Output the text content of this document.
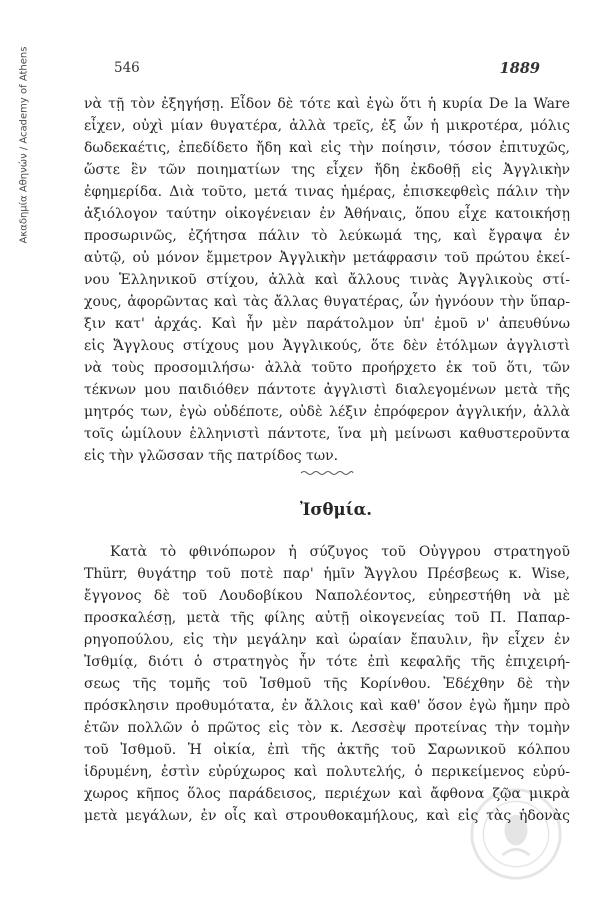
Ακαδημία Αθηνών / Academy of Athens	546	1889
νὰ τῇ τὸν ἐξηγήσῃ. Εἶδον δὲ τότε καὶ ἐγὼ ὅτι ἡ κυρία De la Ware
εἶχεν, οὐχὶ μίαν θυγατέρα, ἀλλὰ τρεῖς, ἐξ ὧν ἡ μικροτέρα, μόλις
δωδεκαέτις, ἐπεδίδετο ἤδη καὶ εἰς τὴν ποίησιν, τόσον ἐπιτυχῶς,
ὥστε ἓν τῶν ποιηματίων της εἶχεν ἤδη ἐκδοθῇ εἰς Ἀγγλικὴν
ἐφημερίδα. Διὰ τοῦτο, μετά τινας ἡμέρας, ἐπισκεφθεὶς πάλιν τὴν
ἀξιόλογον ταύτην οἰκογένειαν ἐν Ἀθήναις, ὅπου εἶχε κατοικήσῃ
προσωρινῶς, ἐζήτησα πάλιν τὸ λεύκωμά της, καὶ ἔγραψα ἐν
αὐτῷ, οὐ μόνον ἔμμετρον Ἀγγλικὴν μετάφρασιν τοῦ πρώτου ἐκεί-
νου Ἑλληνικοῦ στίχου, ἀλλὰ καὶ ἄλλους τινὰς Ἀγγλικοὺς στί-
χους, ἀφορῶντας καὶ τὰς ἄλλας θυγατέρας, ὧν ἠγνόουν τὴν ὕπαρ-
ξιν κατ' ἀρχάς. Καὶ ἦν μὲν παράτολμον ὑπ' ἐμοῦ ν' ἀπευθύνω
εἰς Ἄγγλους στίχους μου Ἀγγλικούς, ὅτε δὲν ἐτόλμων ἀγγλιστὶ
νὰ τοὺς προσομιλήσω· ἀλλὰ τοῦτο προήρχετο ἐκ τοῦ ὅτι, τῶν
τέκνων μου παιδιόθεν πάντοτε ἀγγλιστὶ διαλεγομένων μετὰ τῆς
μητρός των, ἐγὼ οὐδέποτε, οὐδὲ λέξιν ἐπρόφερον ἀγγλικήν, ἀλλὰ
τοῖς ὡμίλουν ἑλληνιστὶ πάντοτε, ἵνα μὴ μείνωσι καθυστεροῦντα
εἰς τὴν γλῶσσαν τῆς πατρίδος των.
Ἰσθμία.
Κατὰ τὸ φθινόπωρον ἡ σύζυγος τοῦ Οὐγγρου στρατηγοῦ
Thürr, θυγάτηρ τοῦ ποτὲ παρ' ἡμῖν Ἄγγλου Πρέσβεως κ. Wise,
ἔγγονος δὲ τοῦ Λουδοβίκου Ναπολέοντος, εὐηρεστήθη νὰ μὲ
προσκαλέσῃ, μετὰ τῆς φίλης αὐτῇ οἰκογενείας τοῦ Π. Παπαρ-
ρηγοπούλου, εἰς τὴν μεγάλην καὶ ὡραίαν ἔπαυλιν, ἣν εἶχεν ἐν
Ἰσθμίᾳ, διότι ὁ στρατηγὸς ἦν τότε ἐπὶ κεφαλῆς τῆς ἐπιχειρή-
σεως τῆς τομῆς τοῦ Ἰσθμοῦ τῆς Κορίνθου. Ἐδέχθην δὲ τὴν
πρόσκλησιν προθυμότατα, ἐν ἄλλοις καὶ καθ' ὅσον ἐγὼ ἤμην πρὸ
ἐτῶν πολλῶν ὁ πρῶτος εἰς τὸν κ. Λεσσὲψ προτείνας τὴν τομὴν
τοῦ Ἰσθμοῦ. Ἡ οἰκία, ἐπὶ τῆς ἀκτῆς τοῦ Σαρωνικοῦ κόλπου
ἱδρυμένη, ἐστὶν εὐρύχωρος καὶ πολυτελής, ὁ περικείμενος εὐρύ-
χωρος κῆπος ὅλος παράδεισος, περιέχων καὶ ἄφθονα ζῷα μικρὰ
μετὰ μεγάλων, ἐν οἷς καὶ στρουθοκαμήλους, καὶ εἰς τὰς ἡδονὰς
